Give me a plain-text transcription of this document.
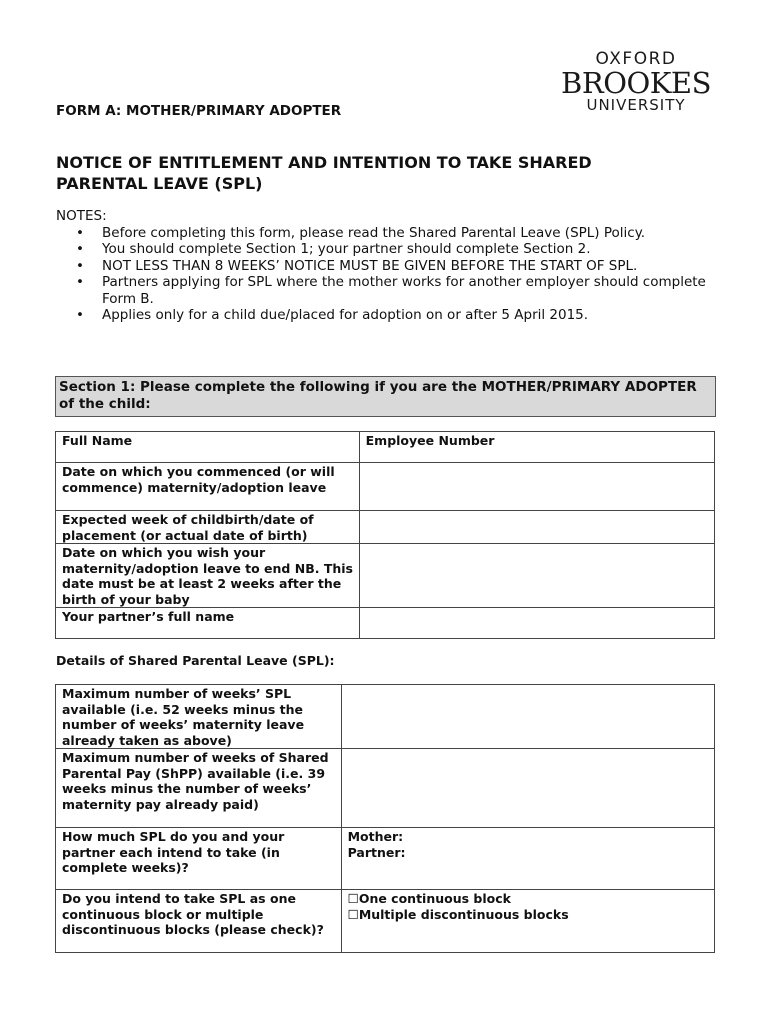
OXFORD
BROOKES
UNIVERSITY
FORM A: MOTHER/PRIMARY ADOPTER
NOTICE OF ENTITLEMENT AND INTENTION TO TAKE SHARED
PARENTAL LEAVE (SPL)
NOTES:
• Before completing this form, please read the Shared Parental Leave (SPL) Policy.
• You should complete Section 1; your partner should complete Section 2.
• NOT LESS THAN 8 WEEKS’ NOTICE MUST BE GIVEN BEFORE THE START OF SPL.
• Partners applying for SPL where the mother works for another employer should complete Form B.
• Applies only for a child due/placed for adoption on or after 5 April 2015.
Section 1: Please complete the following if you are the MOTHER/PRIMARY ADOPTER of the child:
Full Name	Employee Number
Date on which you commenced (or will commence) maternity/adoption leave	
Expected week of childbirth/date of placement (or actual date of birth)	
Date on which you wish your maternity/adoption leave to end NB. This date must be at least 2 weeks after the birth of your baby	
Your partner’s full name	
Details of Shared Parental Leave (SPL):
Maximum number of weeks’ SPL available (i.e. 52 weeks minus the number of weeks’ maternity leave already taken as above)	
Maximum number of weeks of Shared Parental Pay (ShPP) available (i.e. 39 weeks minus the number of weeks’ maternity pay already paid)	
How much SPL do you and your partner each intend to take (in complete weeks)?	Mother:
Partner:

Do you intend to take SPL as one continuous block or multiple discontinuous blocks (please check)?	☐One continuous block
☐Multiple discontinuous blocks
